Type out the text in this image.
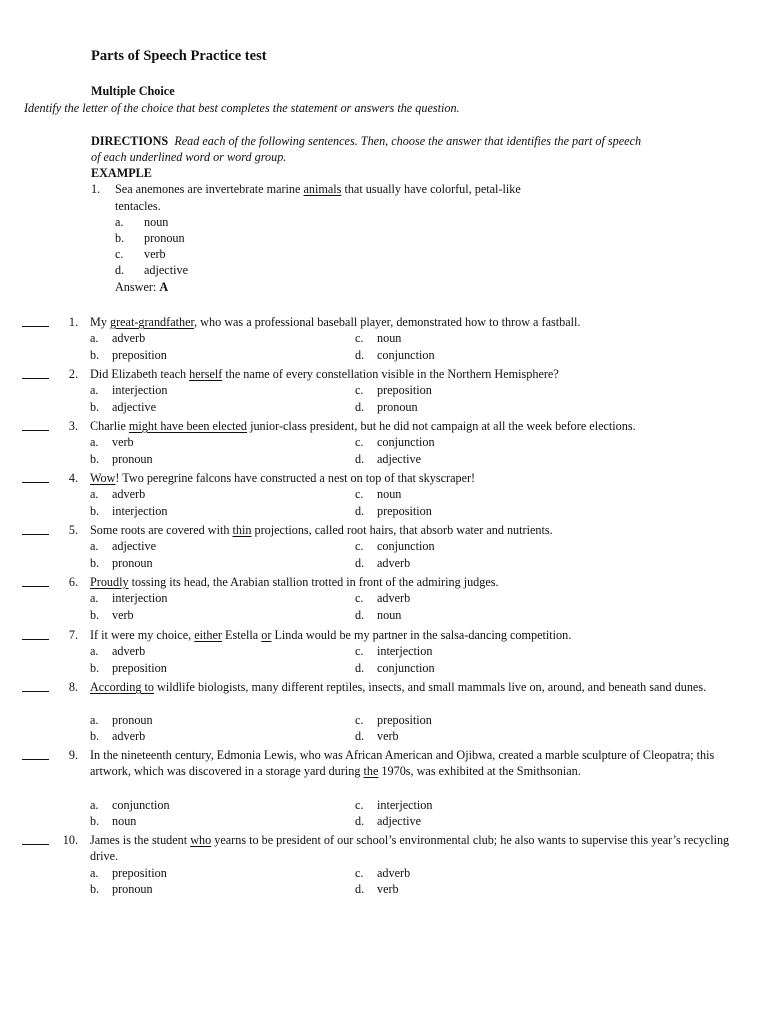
Parts of Speech Practice test
Multiple Choice
Identify the letter of the choice that best completes the statement or answers the question.
DIRECTIONS Read each of the following sentences. Then, choose the answer that identifies the part of speech
of each underlined word or word group.
EXAMPLE
1. Sea anemones are invertebrate marine animals that usually have colorful, petal-like
tentacles.
a. noun
b. pronoun
c. verb
d. adjective
Answer: A
1. My great-grandfather, who was a professional baseball player, demonstrated how to throw a fastball.
a. adverb
b. preposition
c. noun
d. conjunction
2. Did Elizabeth teach herself the name of every constellation visible in the Northern Hemisphere?
a. interjection
b. adjective
c. preposition
d. pronoun
3. Charlie might have been elected junior-class president, but he did not campaign at all the week before elections.
a. verb
b. pronoun
c. conjunction
d. adjective
4. Wow! Two peregrine falcons have constructed a nest on top of that skyscraper!
a. adverb
b. interjection
c. noun
d. preposition
5. Some roots are covered with thin projections, called root hairs, that absorb water and nutrients.
a. adjective
b. pronoun
c. conjunction
d. adverb
6. Proudly tossing its head, the Arabian stallion trotted in front of the admiring judges.
a. interjection
b. verb
c. adverb
d. noun
7. If it were my choice, either Estella or Linda would be my partner in the salsa-dancing competition.
a. adverb
b. preposition
c. interjection
d. conjunction
8. According to wildlife biologists, many different reptiles, insects, and small mammals live on, around, and beneath sand dunes.
a. pronoun
b. adverb
c. preposition
d. verb
9. In the nineteenth century, Edmonia Lewis, who was African American and Ojibwa, created a marble sculpture of Cleopatra; this artwork, which was discovered in a storage yard during the 1970s, was exhibited at the Smithsonian.
a. conjunction
b. noun
c. interjection
d. adjective
10. James is the student who yearns to be president of our school’s environmental club; he also wants to supervise this year’s recycling drive.
a. preposition
b. pronoun
c. adverb
d. verb
